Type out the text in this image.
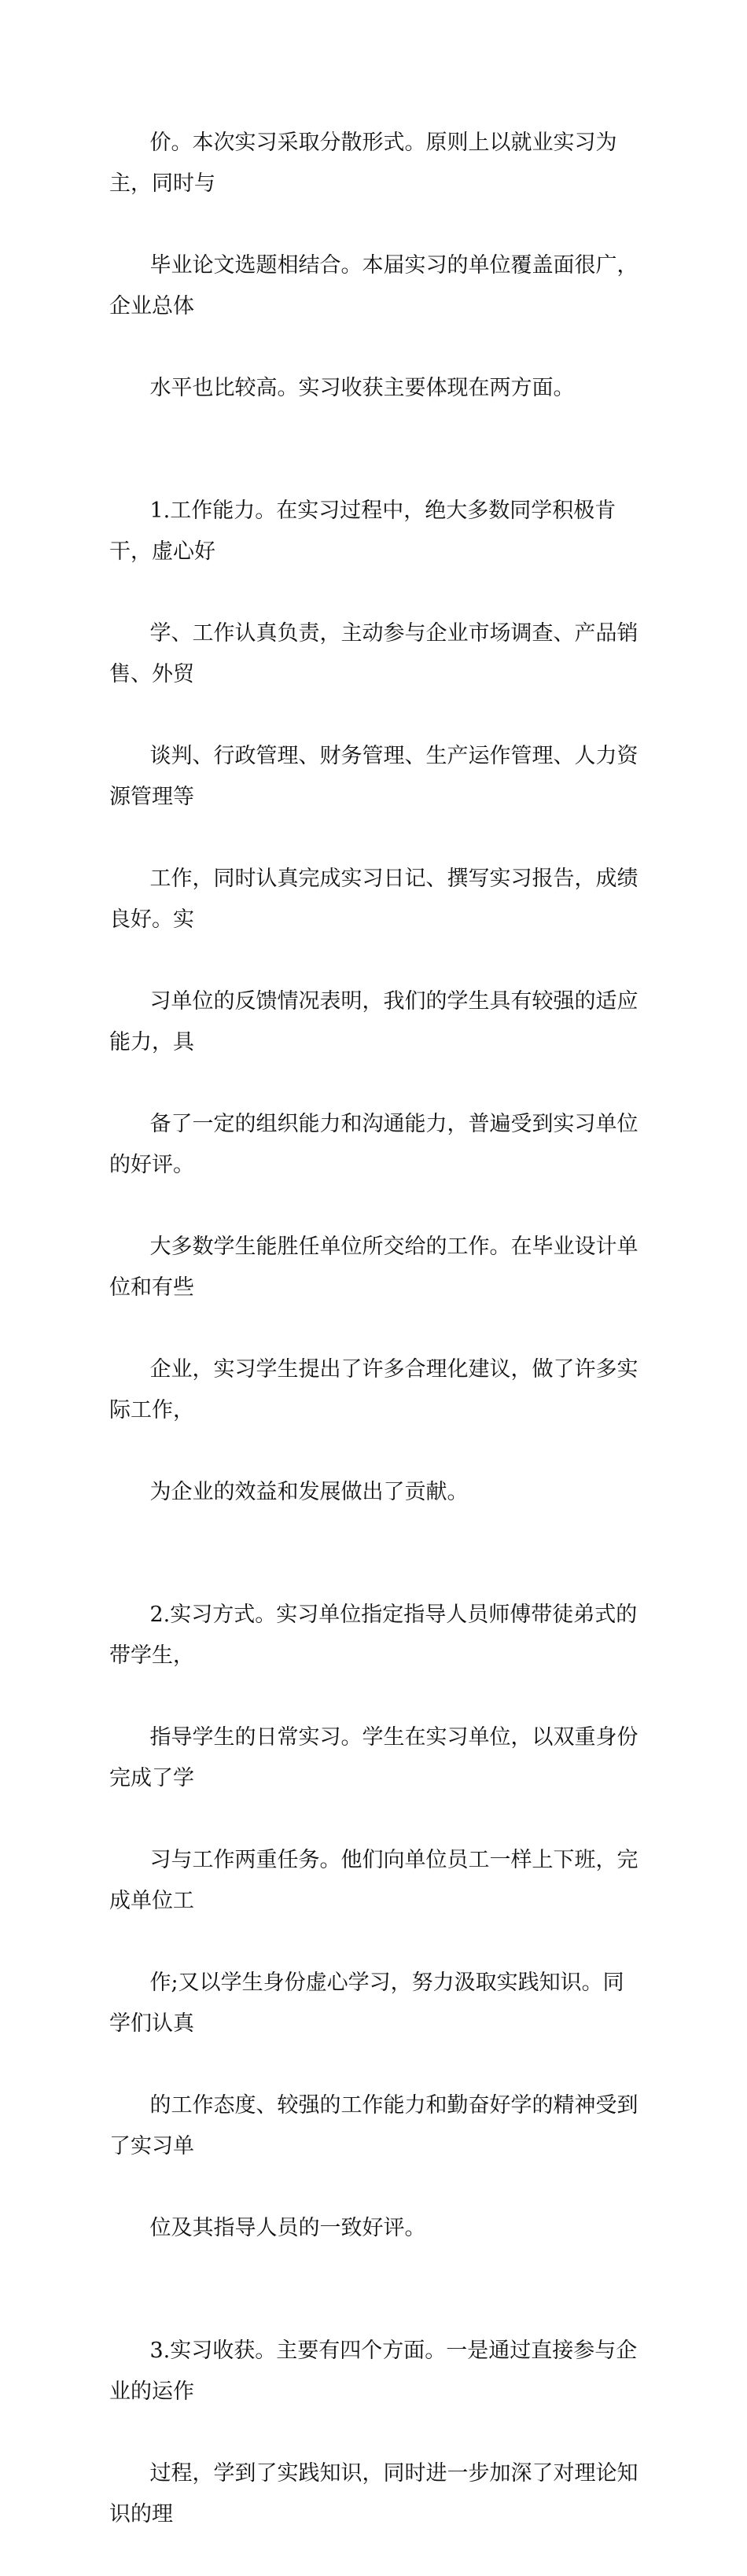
价。本次实习采取分散形式。原则上以就业实习为主，同时与

毕业论文选题相结合。本届实习的单位覆盖面很广，企业总体

水平也比较高。实习收获主要体现在两方面。

1.工作能力。在实习过程中，绝大多数同学积极肯干，虚心好

学、工作认真负责，主动参与企业市场调查、产品销售、外贸

谈判、行政管理、财务管理、生产运作管理、人力资源管理等

工作，同时认真完成实习日记、撰写实习报告，成绩良好。实

习单位的反馈情况表明，我们的学生具有较强的适应能力，具

备了一定的组织能力和沟通能力，普遍受到实习单位的好评。

大多数学生能胜任单位所交给的工作。在毕业设计单位和有些

企业，实习学生提出了许多合理化建议，做了许多实际工作，

为企业的效益和发展做出了贡献。

2.实习方式。实习单位指定指导人员师傅带徒弟式的带学生，

指导学生的日常实习。学生在实习单位，以双重身份完成了学

习与工作两重任务。他们向单位员工一样上下班，完成单位工

作;又以学生身份虚心学习，努力汲取实践知识。同学们认真

的工作态度、较强的工作能力和勤奋好学的精神受到了实习单

位及其指导人员的一致好评。

3.实习收获。主要有四个方面。一是通过直接参与企业的运作

过程，学到了实践知识，同时进一步加深了对理论知识的理
